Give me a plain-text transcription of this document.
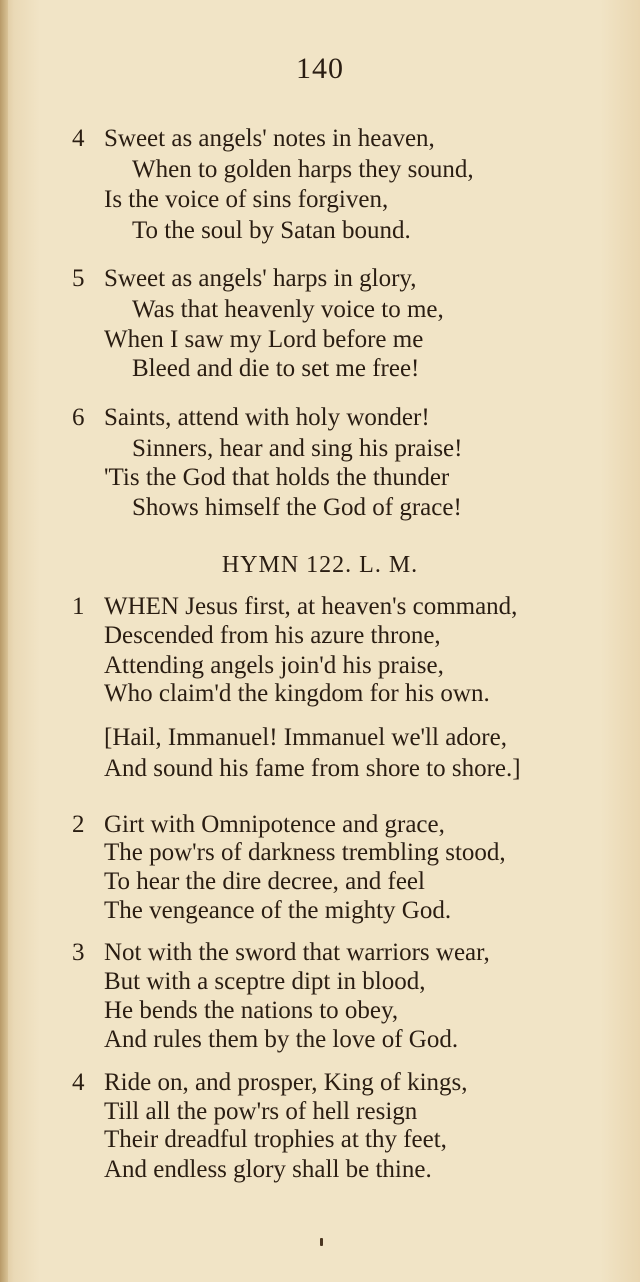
140
4 Sweet as angels' notes in heaven,
When to golden harps they sound,
Is the voice of sins forgiven,
To the soul by Satan bound.
5 Sweet as angels' harps in glory,
Was that heavenly voice to me,
When I saw my Lord before me
Bleed and die to set me free!
6 Saints, attend with holy wonder!
Sinners, hear and sing his praise!
'Tis the God that holds the thunder
Shows himself the God of grace!
HYMN 122. L. M.
1 WHEN Jesus first, at heaven's command,
Descended from his azure throne,
Attending angels join'd his praise,
Who claim'd the kingdom for his own.
[Hail, Immanuel! Immanuel we'll adore,
And sound his fame from shore to shore.]
2 Girt with Omnipotence and grace,
The pow'rs of darkness trembling stood,
To hear the dire decree, and feel
The vengeance of the mighty God.
3 Not with the sword that warriors wear,
But with a sceptre dipt in blood,
He bends the nations to obey,
And rules them by the love of God.
4 Ride on, and prosper, King of kings,
Till all the pow'rs of hell resign
Their dreadful trophies at thy feet,
And endless glory shall be thine.
